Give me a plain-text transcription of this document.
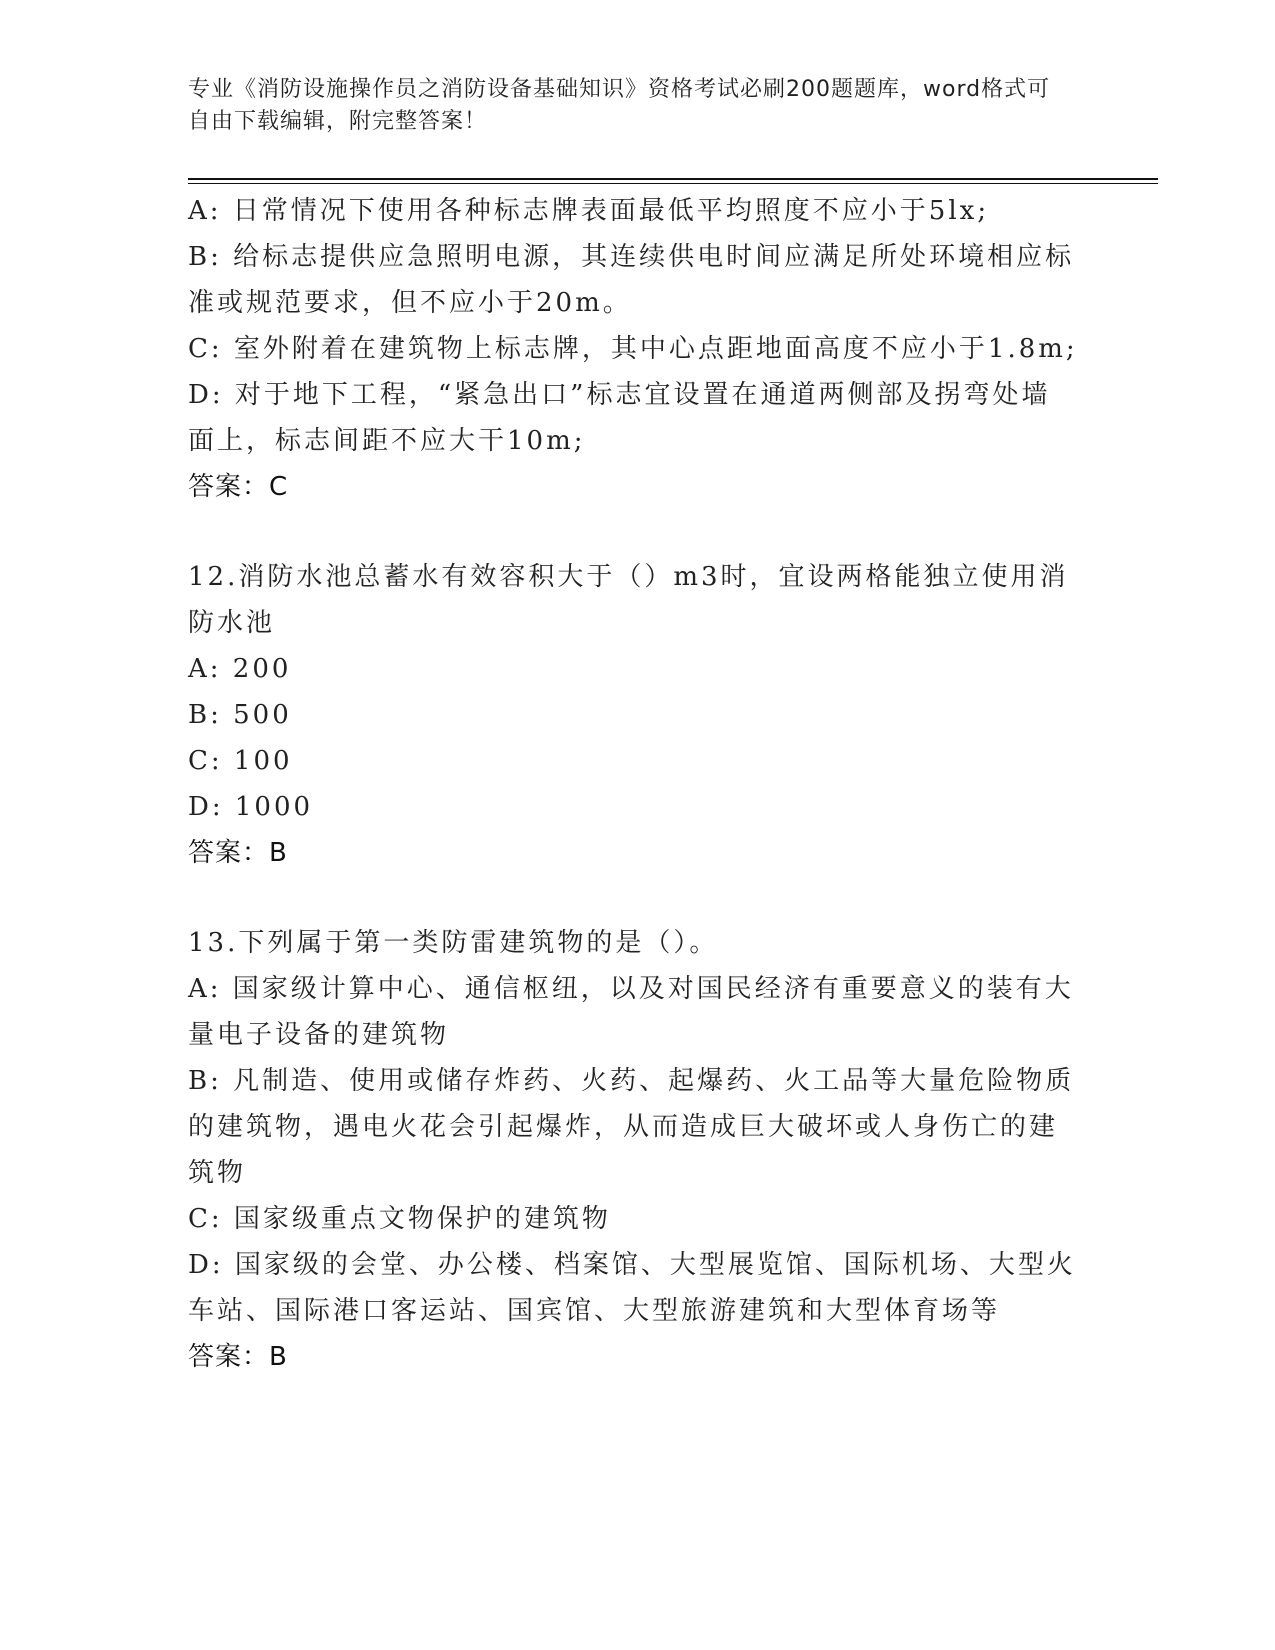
专业《消防设施操作员之消防设备基础知识》资格考试必刷200题题库，word格式可自由下载编辑，附完整答案！
A: 日常情况下使用各种标志牌表面最低平均照度不应小于5lx;
B: 给标志提供应急照明电源，其连续供电时间应满足所处环境相应标准或规范要求，但不应小于20m。
C: 室外附着在建筑物上标志牌，其中心点距地面高度不应小于1.8m;
D: 对于地下工程，“紧急出口”标志宜设置在通道两侧部及拐弯处墙面上，标志间距不应大干10m;
答案：C
12.消防水池总蓄水有效容积大于（）m3时，宜设两格能独立使用消防水池
A: 200
B: 500
C: 100
D: 1000
答案：B
13.下列属于第一类防雷建筑物的是（）。
A: 国家级计算中心、通信枢纽，以及对国民经济有重要意义的装有大量电子设备的建筑物
B: 凡制造、使用或储存炸药、火药、起爆药、火工品等大量危险物质的建筑物，遇电火花会引起爆炸，从而造成巨大破坏或人身伤亡的建筑物
C: 国家级重点文物保护的建筑物
D: 国家级的会堂、办公楼、档案馆、大型展览馆、国际机场、大型火车站、国际港口客运站、国宾馆、大型旅游建筑和大型体育场等
答案：B
